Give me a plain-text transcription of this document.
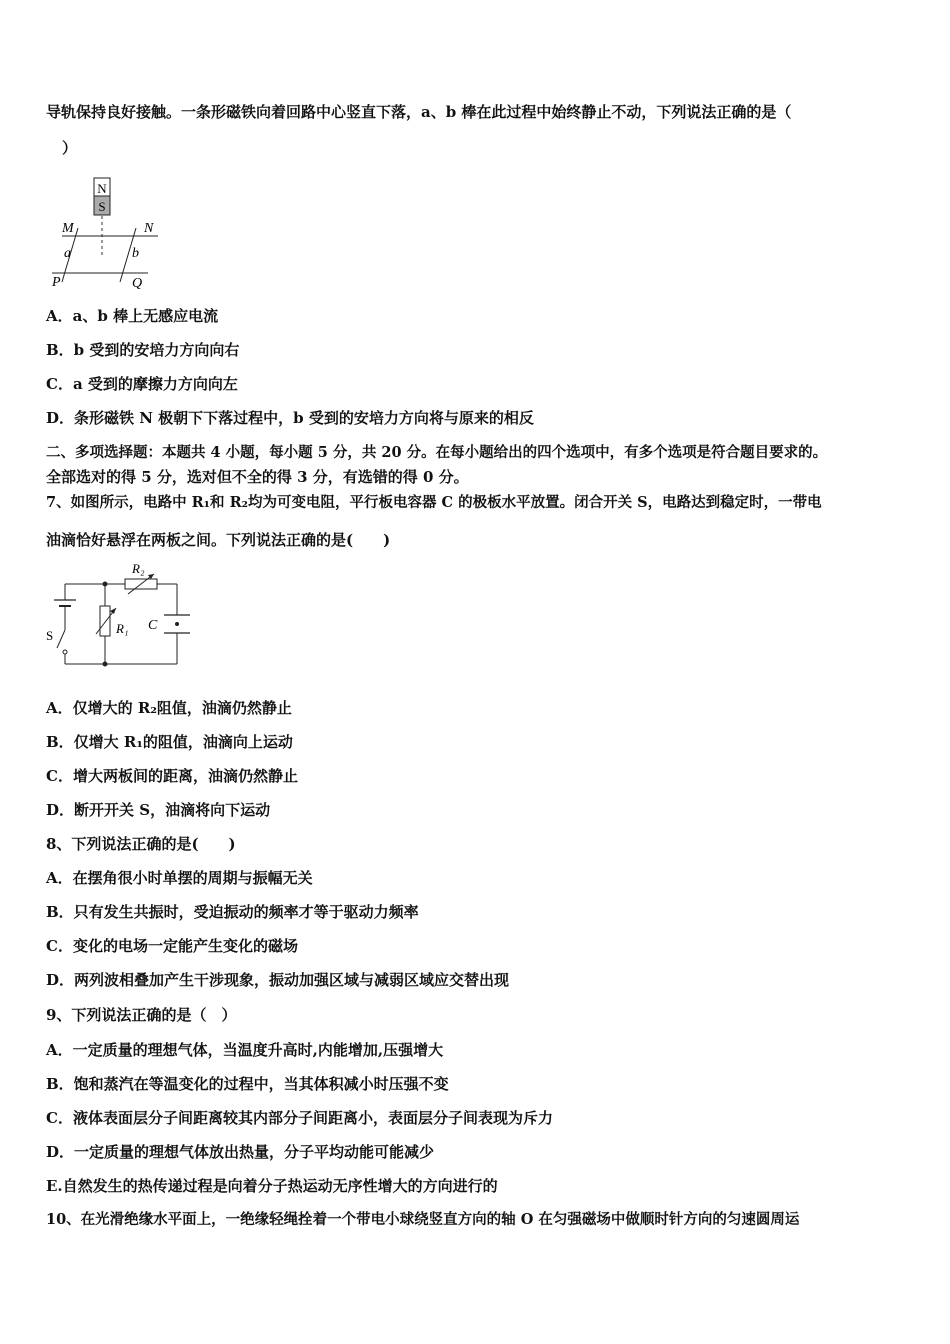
导轨保持良好接触。一条形磁铁向着回路中心竖直下落，a、b 棒在此过程中始终静止不动，下列说法正确的是（
）
N
S
M	N
a	b
P	Q
A．a、b 棒上无感应电流
B．b 受到的安培力方向向右
C．a 受到的摩擦力方向向左
D．条形磁铁 N 极朝下下落过程中，b 受到的安培力方向将与原来的相反
二、多项选择题：本题共 4 小题，每小题 5 分，共 20 分。在每小题给出的四个选项中，有多个选项是符合题目要求的。
全部选对的得 5 分，选对但不全的得 3 分，有选错的得 0 分。
7、如图所示，电路中 R₁和 R₂均为可变电阻，平行板电容器 C 的极板水平放置。闭合开关 S，电路达到稳定时，一带电
油滴恰好悬浮在两板之间。下列说法正确的是(　　)
R₂
S	R₁ C
A．仅增大的 R₂阻值，油滴仍然静止
B．仅增大 R₁的阻值，油滴向上运动
C．增大两板间的距离，油滴仍然静止
D．断开开关 S，油滴将向下运动
8、下列说法正确的是(　　)
A．在摆角很小时单摆的周期与振幅无关
B．只有发生共振时，受迫振动的频率才等于驱动力频率
C．变化的电场一定能产生变化的磁场
D．两列波相叠加产生干涉现象，振动加强区域与减弱区域应交替出现
9、下列说法正确的是（　）
A．一定质量的理想气体，当温度升高时,内能增加,压强增大
B．饱和蒸汽在等温变化的过程中，当其体积减小时压强不变
C．液体表面层分子间距离较其内部分子间距离小，表面层分子间表现为斥力
D．一定质量的理想气体放出热量，分子平均动能可能减少
E.自然发生的热传递过程是向着分子热运动无序性增大的方向进行的
10、在光滑绝缘水平面上，一绝缘轻绳拴着一个带电小球绕竖直方向的轴 O 在匀强磁场中做顺时针方向的匀速圆周运
